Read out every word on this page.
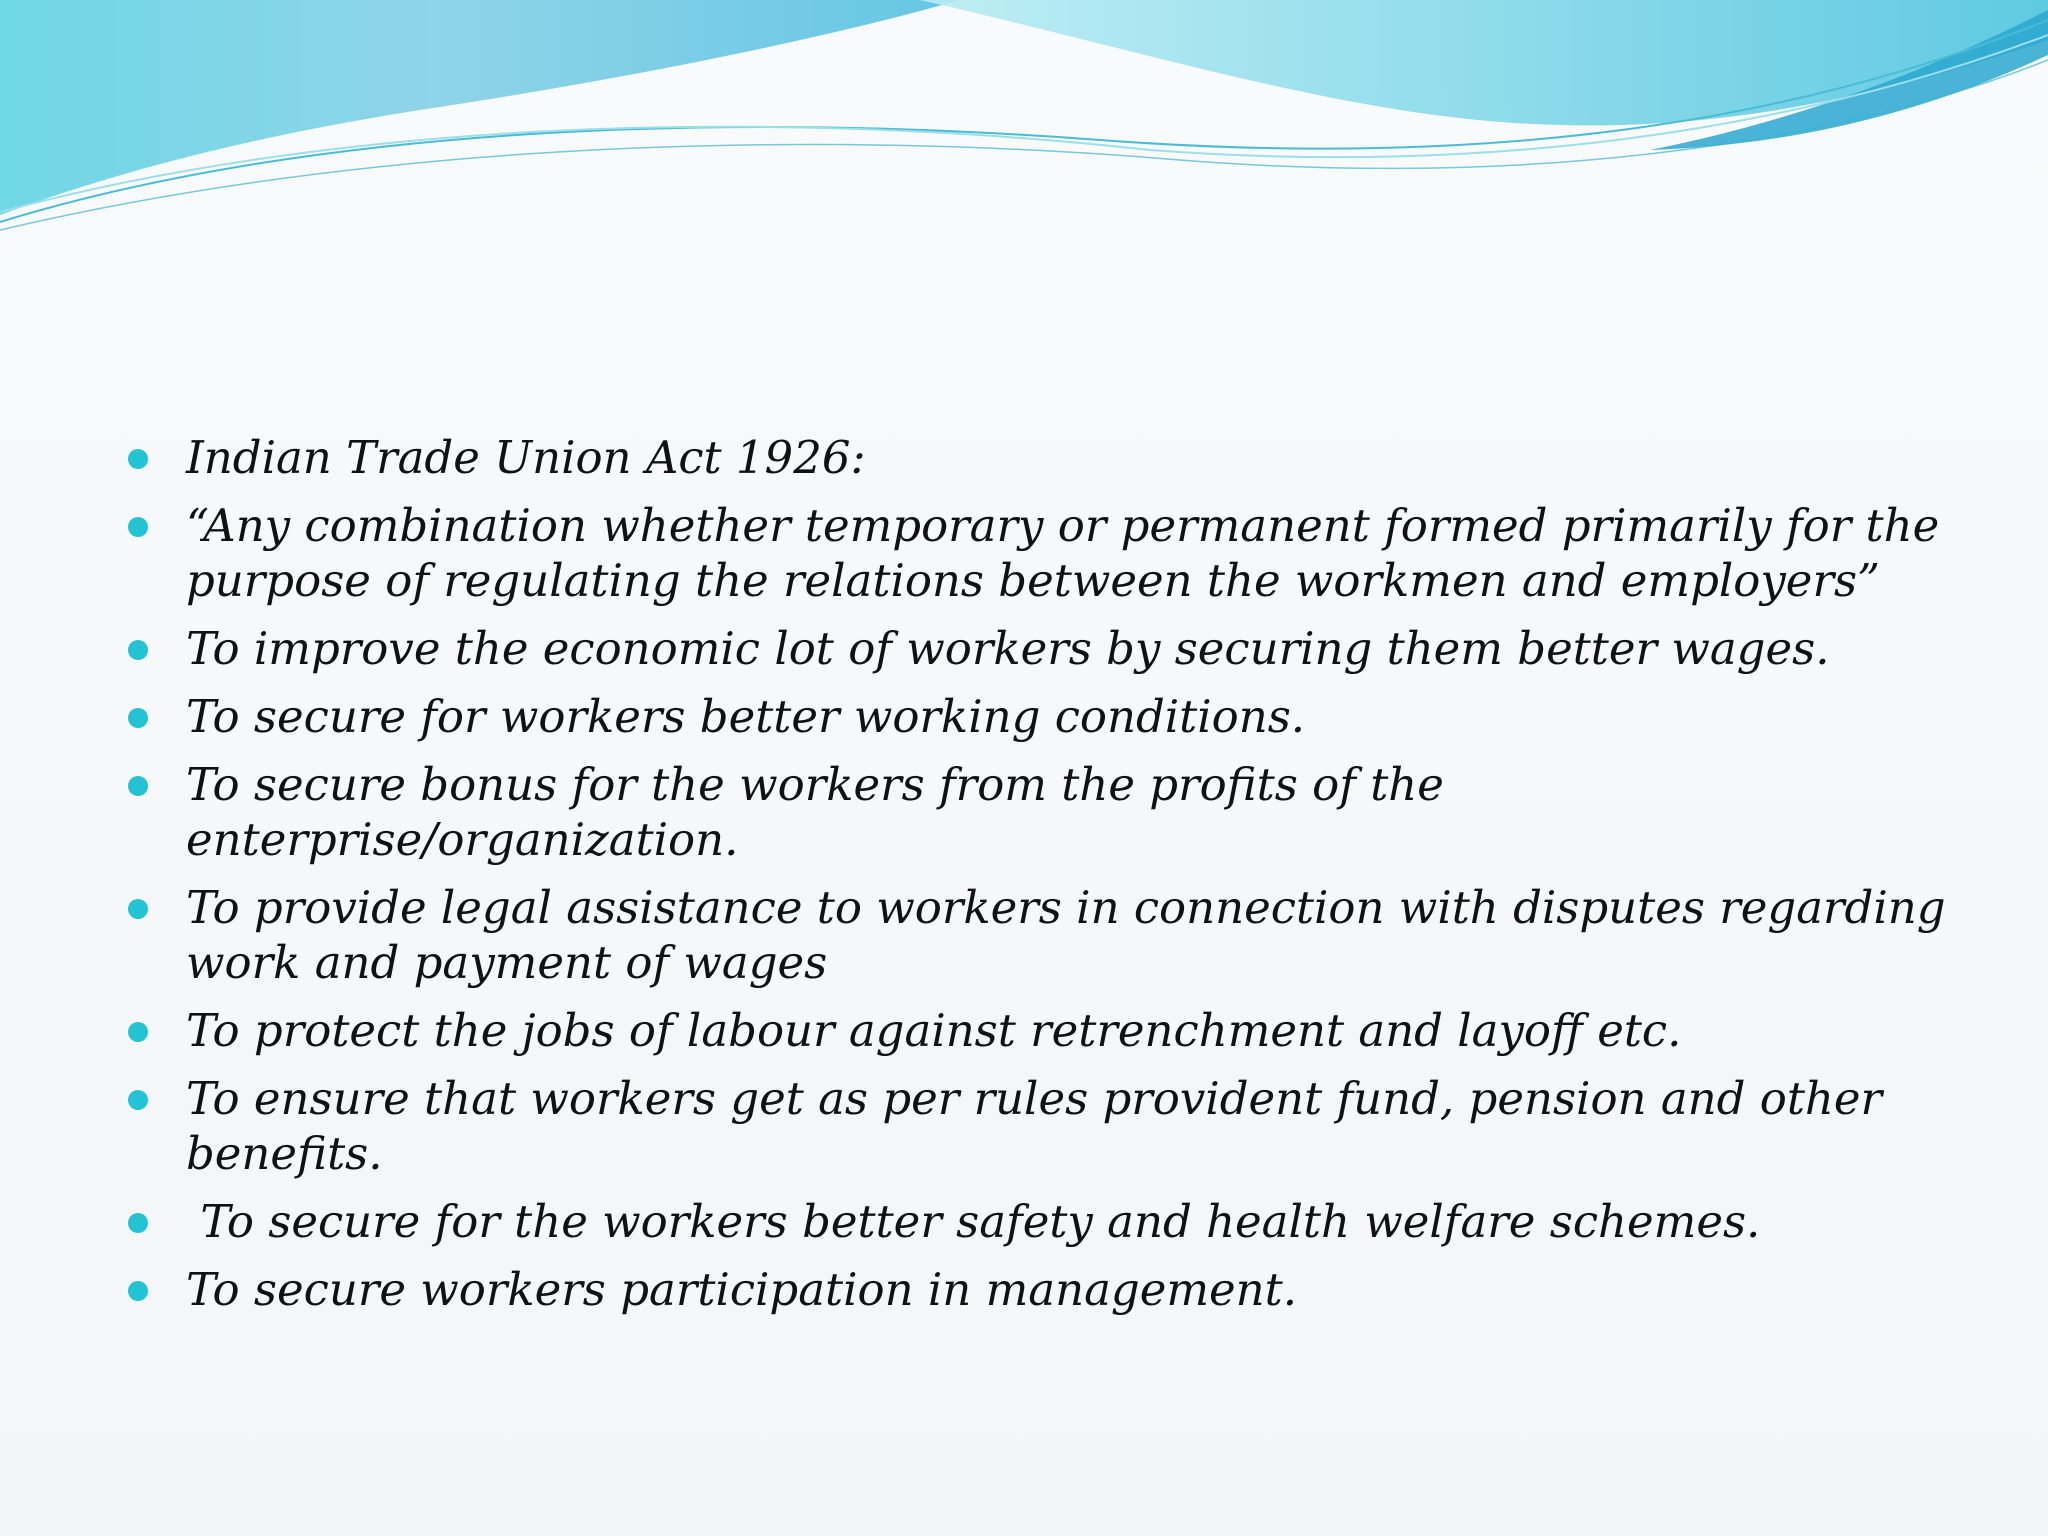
Indian Trade Union Act 1926:
“Any combination whether temporary or permanent formed primarily for the purpose of regulating the relations between the workmen and employers”
To improve the economic lot of workers by securing them better wages.
To secure for workers better working conditions.
To secure bonus for the workers from the profits of the enterprise/organization.
To provide legal assistance to workers in connection with disputes regarding work and payment of wages
To protect the jobs of labour against retrenchment and layoff etc.
To ensure that workers get as per rules provident fund, pension and other benefits.
To secure for the workers better safety and health welfare schemes.
To secure workers participation in management.
